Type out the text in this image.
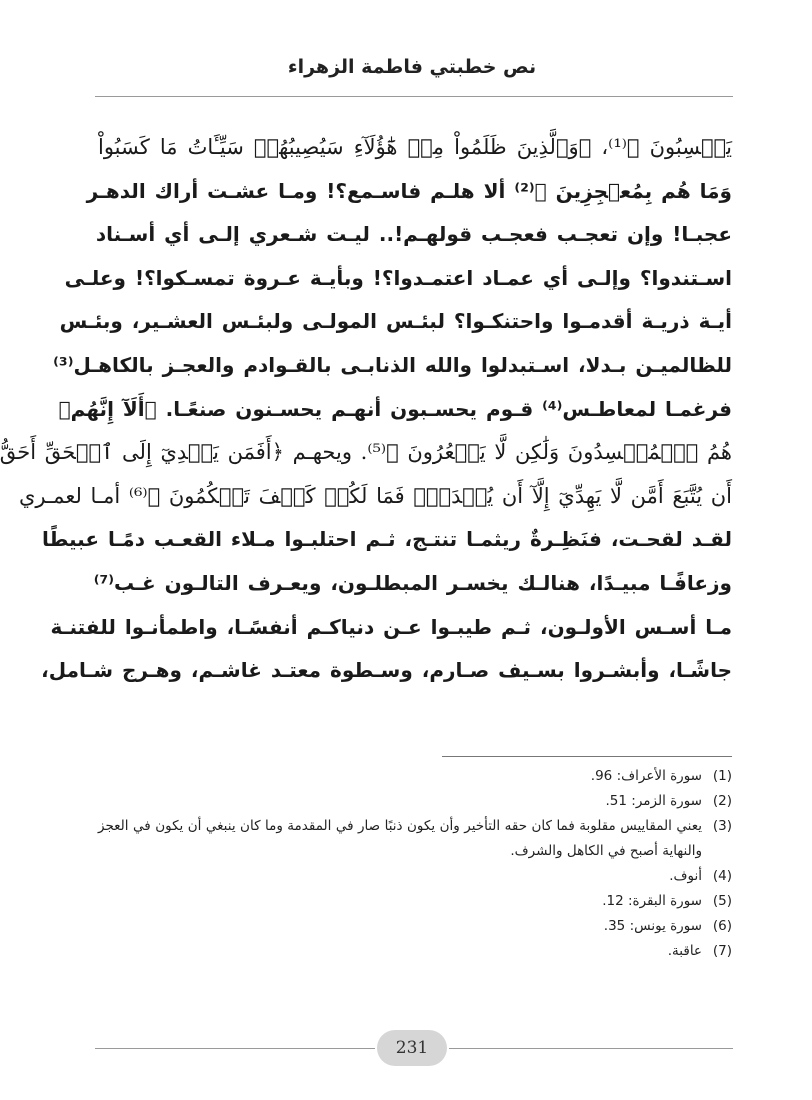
نص خطبتي فاطمة الزهراء
يَكۡسِبُونَ ﴾⁽¹⁾، ﴿وَٱلَّذِينَ ظَلَمُواْ مِنۡ هَٰٓؤُلَآءِ سَيُصِيبُهُمۡ سَيِّـَٔاتُ مَا كَسَبُواْ
وَمَا هُم بِمُعۡجِزِينَ ﴾⁽²⁾ ألا هلـم فاسـمع؟! ومـا عشـت أراك الدهـر
عجبـا! وإن تعجـب فعجـب قولهـم!.. ليـت شـعري إلـى أي أسـناد
اسـتندوا؟ وإلـى أي عمـاد اعتمـدوا؟! وبأيـة عـروة تمسـكوا؟! وعلـى
أيـة ذريـة أقدمـوا واحتنكـوا؟ لبئـس المولـى ولبئـس العشـير، وبئـس
للظالميـن بـدلا، اسـتبدلوا والله الذنابـى بالقـوادم والعجـز بالكاهـل⁽³⁾
فرغمـا لمعاطـس⁽⁴⁾ قـوم يحسـبون أنهـم يحسـنون صنعًـا. ﴿أَلَآ إِنَّهُمۡ
هُمُ ٱلۡمُفۡسِدُونَ وَلَٰكِن لَّا يَشۡعُرُونَ ﴾⁽⁵⁾. ويحهـم ﴿أَفَمَن يَهۡدِيٓ إِلَى ٱلۡحَقِّ أَحَقُّ
أَن يُتَّبَعَ أَمَّن لَّا يَهِدِّيٓ إِلَّآ أَن يُهۡدَىٰۖ فَمَا لَكُمۡ كَيۡفَ تَحۡكُمُونَ ﴾⁽⁶⁾ أمـا لعمـري
لقـد لقحـت، فنَظِـرةٌ ريثمـا تنتـج، ثـم احتلبـوا مـلاء القعـب دمًـا عبيطًا
وزعافًـا مبيـدًا، هنالـك يخسـر المبطلـون، ويعـرف التالـون غـب⁽⁷⁾
مـا أسـس الأولـون، ثـم طيبـوا عـن دنياكـم أنفسًـا، واطمأنـوا للفتنـة
جاشًـا، وأبشـروا بسـيف صـارم، وسـطوة معتـد غاشـم، وهـرج شـامل،
(1)
سورة الأعراف: 96.
(2)
سورة الزمر: 51.
(3)
يعني المقاييس مقلوبة فما كان حقه التأخير وأن يكون ذنبًا صار في المقدمة وما كان ينبغي أن يكون في العجز والنهاية أصبح في الكاهل والشرف.
(4)
أنوف.
(5)
سورة البقرة: 12.
(6)
سورة يونس: 35.
(7)
عاقبة.
231
